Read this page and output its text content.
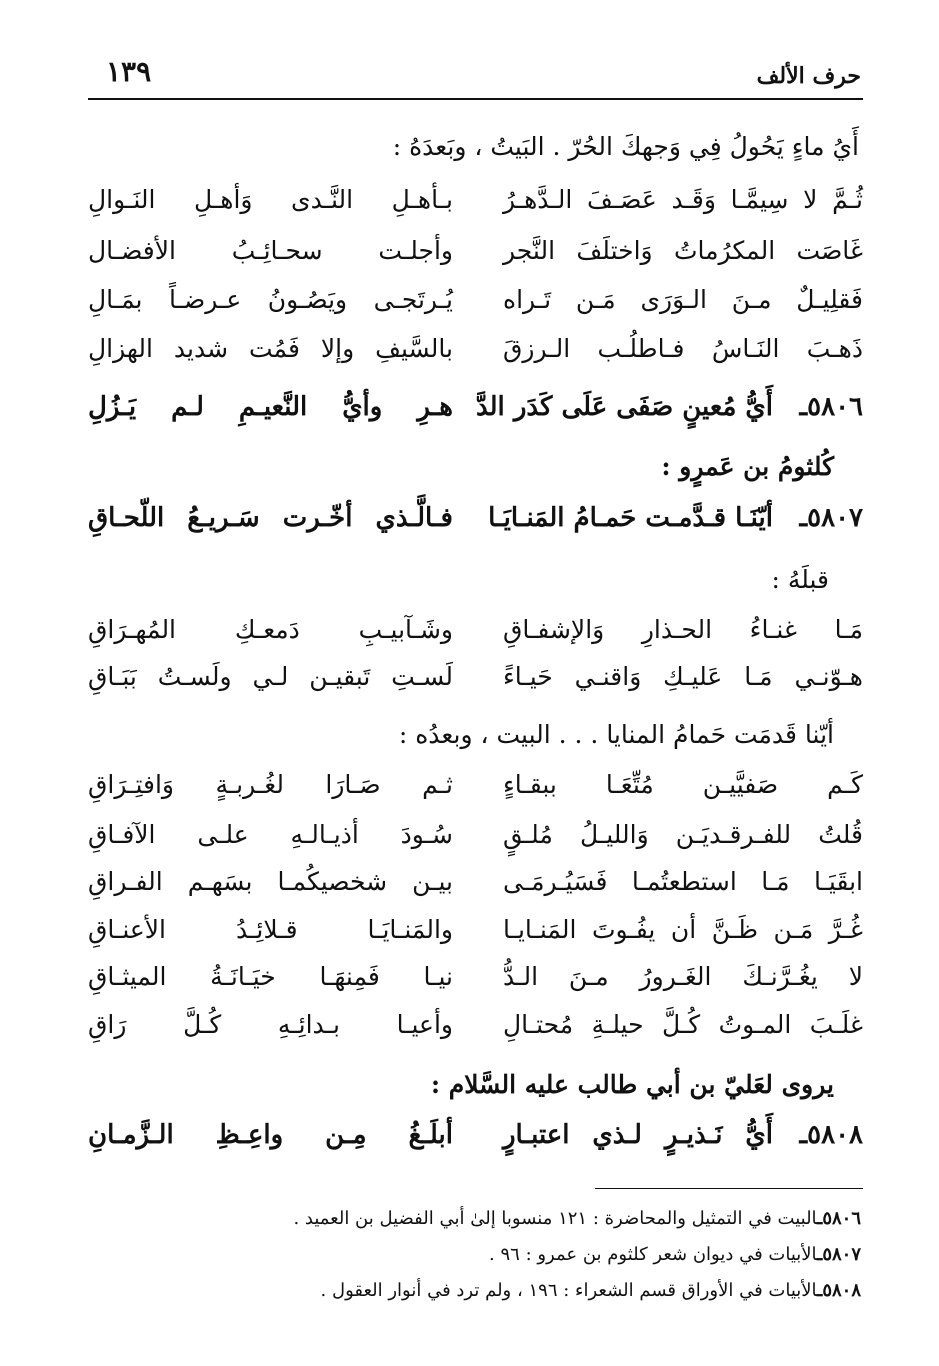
حرف الألف
١٣٩
أَيُ ماءٍ يَحُولُ فِي وَجهكَ الحُرّ . البَيتُ ، وبَعدَهُ :
ثُـمَّ لا سِيمَّـا وَقَـد عَصَـفَ الـدَّهـرُ
بـأهـلِ النَّـدى وَأهـلِ النَـوالِ
غَاصَت المكرُماتُ وَاختلَفَ النَّجر
وأجلـت سحـائِـبُ الأفضـال
فَقلِيـلٌ مـنَ الـوَرَى مَـن تَـراه
يُـرتَجـى ويَصُـونُ عـرضـاً بمَـالِ
ذَهـبَ النَـاسُ فـاطلُـب الـرزقَ
بالسَّيفِ وإلا فَمُت شديد الهزالِ
٥٨٠٦ـ
أَيُّ مُعينٍ صَفَى عَلَى كَدَر الدَّ
هـرِ وأيُّ النَّعيـمِ لـم يَـزُلِ
كُلثومُ بن عَمرٍو :
٥٨٠٧ـ
أيّنَـا قـدَّمـت حَمـامُ المَنـايَـا
فـالَّـذي أخّـرت سَـريـعُ اللّحـاقِ
قبلَهُ :
مَـا غنـاءُ الحـذارِ وَالإشفـاقِ
وشَـآبيـبِ دَمعـكِ المُهـرَاقِ
هـوّنـي مَـا عَليـكِ وَاقنـي حَيـاءً
لَسـتِ تَبقيـن لـي ولَسـتُ بَبَـاقِ
أيّنا قَدمَت حَمامُ المنايا . . . البيت ، وبعدُه :
كَـم صَفيَّيـن مُتِّعَـا ببقـاءٍ
ثـم صَـارَا لغُـربـةٍ وَافتِـرَاقِ
قُلتُ للفـرقـديَـن وَالليـلُ مُلـقٍ
سُـودَ أذيـالـهِ علـى الآفـاقِ
ابقَيَـا مَـا استطعتُمـا فَسَيُـرمَـى
بيـن شخصيكُمـا بسَهـم الفـراقِ
غُـرَّ مَـن ظَـنَّ أن يفُـوتَ المَنـايـا
والمَنـايَـا قـلائِـدُ الأعنـاقِ
لا يغُـرَّنـكَ الغَـرورُ مـنَ الـدُّ
نيـا فَمِنهَـا خيَـانَـةُ الميثـاقِ
غلَـبَ المـوتُ كُـلَّ حيلـةِ مُحتـالِ
وأعيـا بـدائِـهِ كُـلَّ رَاقِ
يروى لعَليّ بن أبي طالب عليه السَّلام :
٥٨٠٨ـ
أَيُّ نَـذيـرٍ لـذي اعتبـارٍ
أبلَـغُ مِـن واعِـظِ الـزَّمـانِ
٥٨٠٦ـالبيت في التمثيل والمحاضرة : ١٢١ منسوبا إلىٰ أبي الفضيل بن العميد .
٥٨٠٧ـالأبيات في ديوان شعر كلثوم بن عمرو : ٩٦ .
٥٨٠٨ـالأبيات في الأوراق قسم الشعراء : ١٩٦ ، ولم ترد في أنوار العقول .
